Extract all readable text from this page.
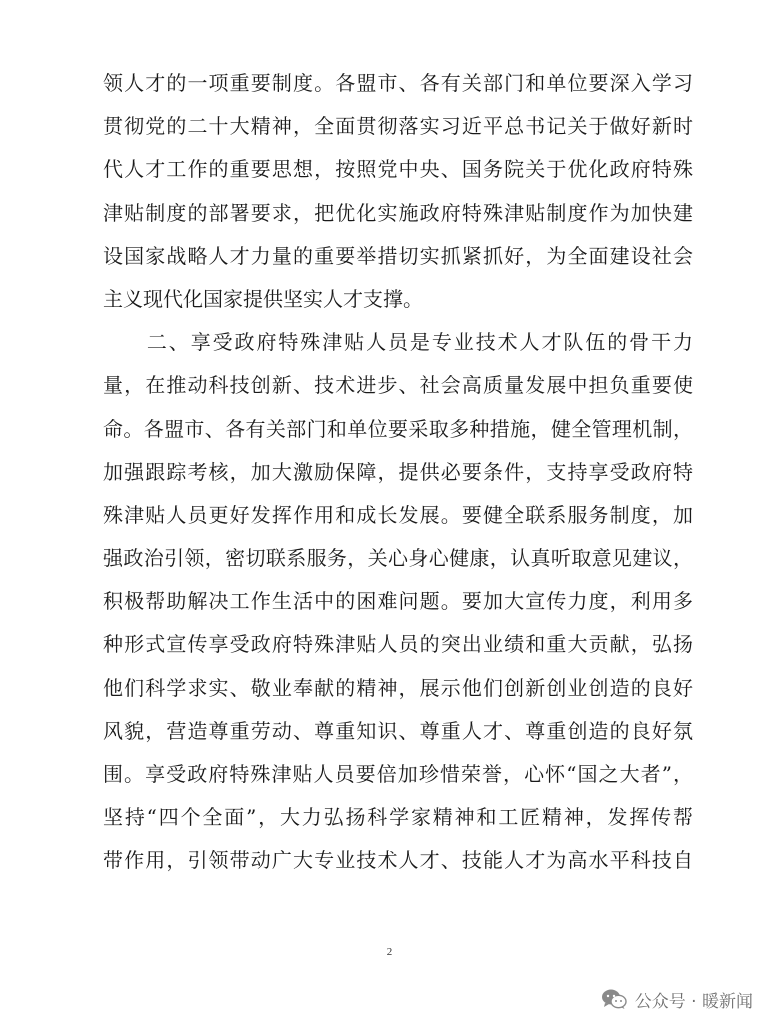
领人才的一项重要制度。各盟市、各有关部门和单位要深入学习
贯彻党的二十大精神，全面贯彻落实习近平总书记关于做好新时
代人才工作的重要思想，按照党中央、国务院关于优化政府特殊
津贴制度的部署要求，把优化实施政府特殊津贴制度作为加快建
设国家战略人才力量的重要举措切实抓紧抓好，为全面建设社会
主义现代化国家提供坚实人才支撑。
　　二、享受政府特殊津贴人员是专业技术人才队伍的骨干力
量，在推动科技创新、技术进步、社会高质量发展中担负重要使
命。各盟市、各有关部门和单位要采取多种措施，健全管理机制，
加强跟踪考核，加大激励保障，提供必要条件，支持享受政府特
殊津贴人员更好发挥作用和成长发展。要健全联系服务制度，加
强政治引领，密切联系服务，关心身心健康，认真听取意见建议，
积极帮助解决工作生活中的困难问题。要加大宣传力度，利用多
种形式宣传享受政府特殊津贴人员的突出业绩和重大贡献，弘扬
他们科学求实、敬业奉献的精神，展示他们创新创业创造的良好
风貌，营造尊重劳动、尊重知识、尊重人才、尊重创造的良好氛
围。享受政府特殊津贴人员要倍加珍惜荣誉，心怀“国之大者”，
坚持“四个全面”，大力弘扬科学家精神和工匠精神，发挥传帮
带作用，引领带动广大专业技术人才、技能人才为高水平科技自
2
公众号 · 暖新闻
